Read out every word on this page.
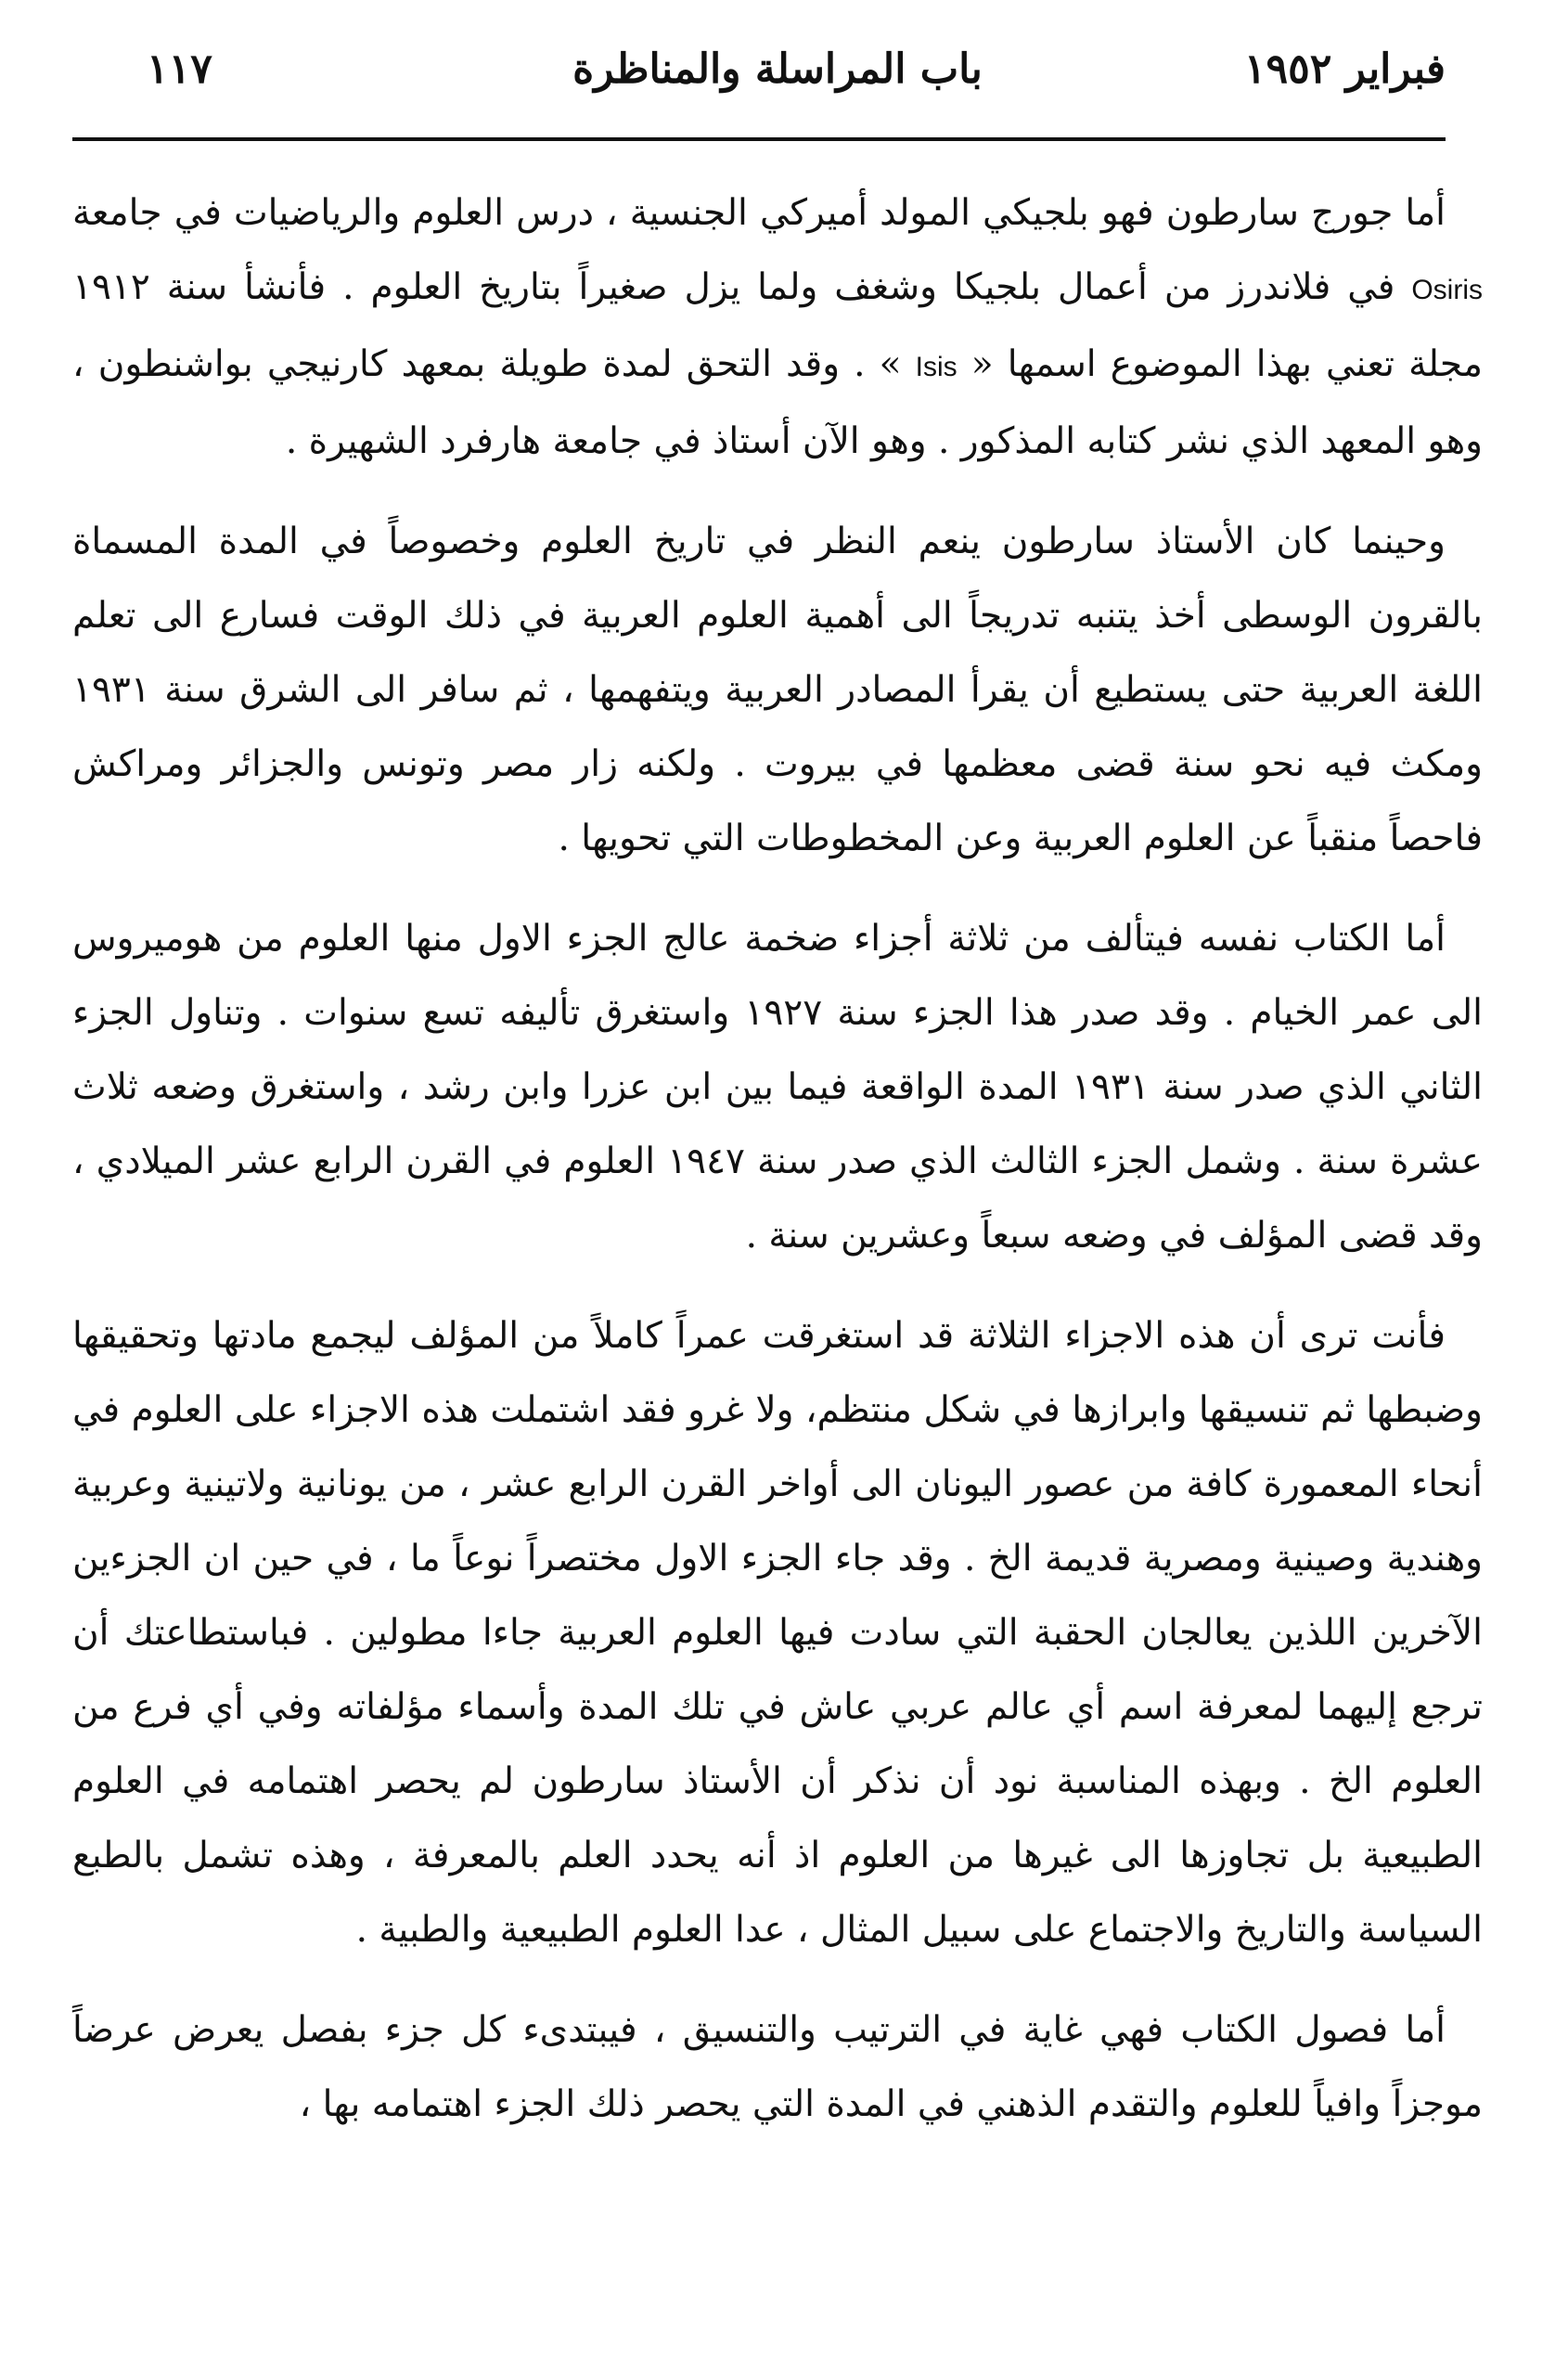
فبراير ١٩٥٢
باب المراسلة والمناظرة
١١٧

أما جورج سارطون فهو بلجيكي المولد أميركي الجنسية ، درس العلوم والرياضيات في جامعة Osiris في فلاندرز من أعمال بلجيكا وشغف ولما يزل صغيراً بتاريخ العلوم . فأنشأ سنة ١٩١٢ مجلة تعني بهذا الموضوع اسمها « Isis » . وقد التحق لمدة طويلة بمعهد كارنيجي بواشنطون ، وهو المعهد الذي نشر كتابه المذكور . وهو الآن أستاذ في جامعة هارفرد الشهيرة .

وحينما كان الأستاذ سارطون ينعم النظر في تاريخ العلوم وخصوصاً في المدة المسماة بالقرون الوسطى أخذ يتنبه تدريجاً الى أهمية العلوم العربية في ذلك الوقت فسارع الى تعلم اللغة العربية حتى يستطيع أن يقرأ المصادر العربية ويتفهمها ، ثم سافر الى الشرق سنة ١٩٣١ ومكث فيه نحو سنة قضى معظمها في بيروت . ولكنه زار مصر وتونس والجزائر ومراكش فاحصاً منقباً عن العلوم العربية وعن المخطوطات التي تحويها .

أما الكتاب نفسه فيتألف من ثلاثة أجزاء ضخمة عالج الجزء الاول منها العلوم من هوميروس الى عمر الخيام . وقد صدر هذا الجزء سنة ١٩٢٧ واستغرق تأليفه تسع سنوات . وتناول الجزء الثاني الذي صدر سنة ١٩٣١ المدة الواقعة فيما بين ابن عزرا وابن رشد ، واستغرق وضعه ثلاث عشرة سنة . وشمل الجزء الثالث الذي صدر سنة ١٩٤٧ العلوم في القرن الرابع عشر الميلادي ، وقد قضى المؤلف في وضعه سبعاً وعشرين سنة .

فأنت ترى أن هذه الاجزاء الثلاثة قد استغرقت عمراً كاملاً من المؤلف ليجمع مادتها وتحقيقها وضبطها ثم تنسيقها وابرازها في شكل منتظم، ولا غرو فقد اشتملت هذه الاجزاء على العلوم في أنحاء المعمورة كافة من عصور اليونان الى أواخر القرن الرابع عشر ، من يونانية ولاتينية وعربية وهندية وصينية ومصرية قديمة الخ . وقد جاء الجزء الاول مختصراً نوعاً ما ، في حين ان الجزءين الآخرين اللذين يعالجان الحقبة التي سادت فيها العلوم العربية جاءا مطولين . فباستطاعتك أن ترجع إليهما لمعرفة اسم أي عالم عربي عاش في تلك المدة وأسماء مؤلفاته وفي أي فرع من العلوم الخ . وبهذه المناسبة نود أن نذكر أن الأستاذ سارطون لم يحصر اهتمامه في العلوم الطبيعية بل تجاوزها الى غيرها من العلوم اذ أنه يحدد العلم بالمعرفة ، وهذه تشمل بالطبع السياسة والتاريخ والاجتماع على سبيل المثال ، عدا العلوم الطبيعية والطبية .

أما فصول الكتاب فهي غاية في الترتيب والتنسيق ، فيبتدىء كل جزء بفصل يعرض عرضاً موجزاً وافياً للعلوم والتقدم الذهني في المدة التي يحصر ذلك الجزء اهتمامه بها ،
